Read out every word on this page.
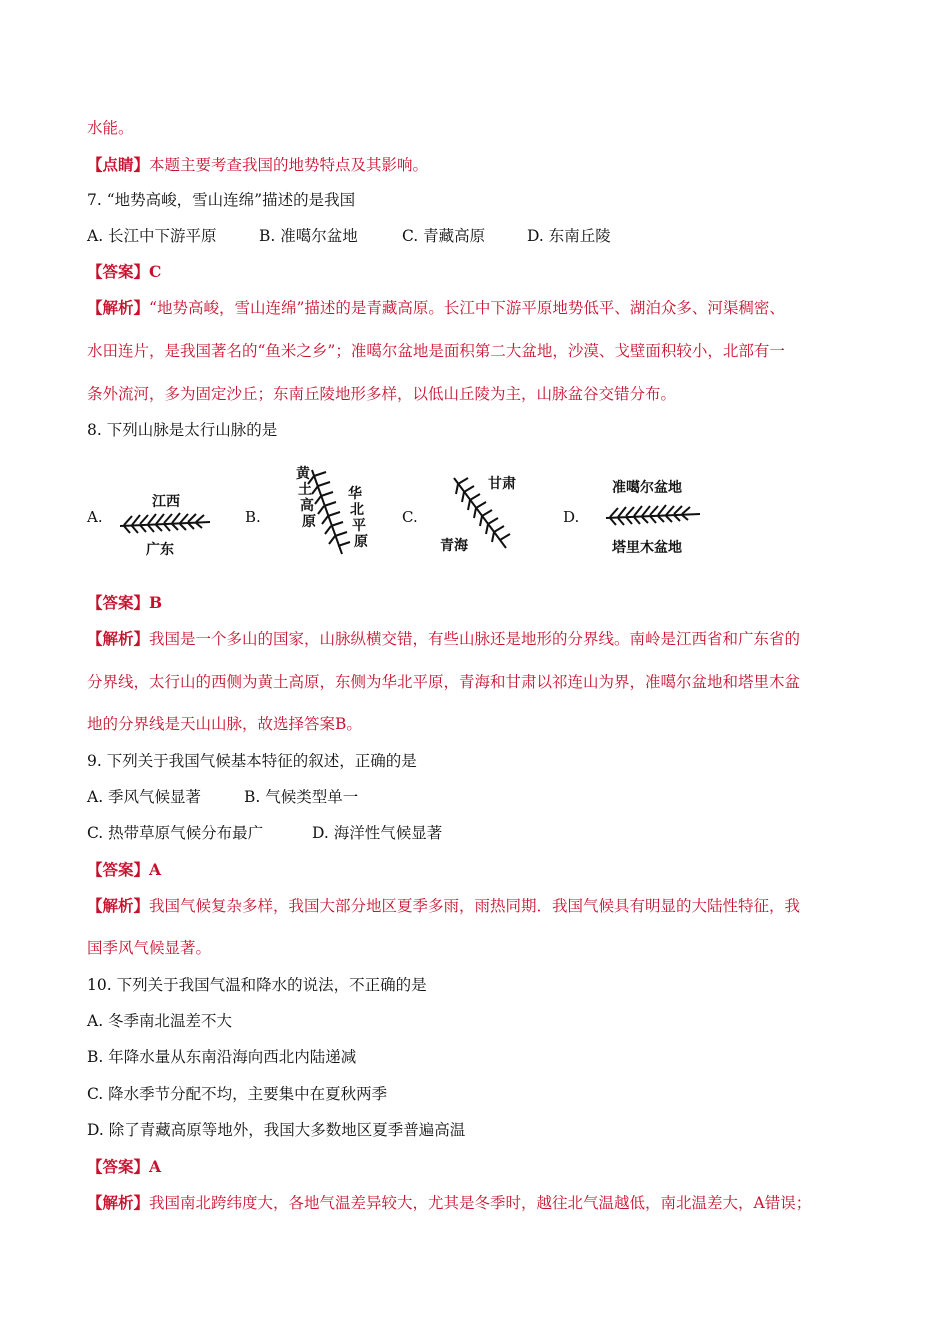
水能。
【点睛】本题主要考查我国的地势特点及其影响。
7. “地势高峻，雪山连绵”描述的是我国
A. 长江中下游平原	B. 准噶尔盆地	C. 青藏高原	D. 东南丘陵
【答案】C
【解析】“地势高峻，雪山连绵”描述的是青藏高原。长江中下游平原地势低平、湖泊众多、河渠稠密、
水田连片，是我国著名的“鱼米之乡”；准噶尔盆地是面积第二大盆地，沙漠、戈壁面积较小，北部有一
条外流河，多为固定沙丘；东南丘陵地形多样，以低山丘陵为主，山脉盆谷交错分布。
8. 下列山脉是太行山脉的是
A.	B.	C.	D.
江西
广东
黄土高原
华北平原
甘肃
青海
准噶尔盆地
塔里木盆地
【答案】B
【解析】我国是一个多山的国家，山脉纵横交错，有些山脉还是地形的分界线。南岭是江西省和广东省的
分界线，太行山的西侧为黄土高原，东侧为华北平原，青海和甘肃以祁连山为界，准噶尔盆地和塔里木盆
地的分界线是天山山脉，故选择答案B。
9. 下列关于我国气候基本特征的叙述，正确的是
A. 季风气候显著	B. 气候类型单一
C. 热带草原气候分布最广	D. 海洋性气候显著
【答案】A
【解析】我国气候复杂多样，我国大部分地区夏季多雨，雨热同期．我国气候具有明显的大陆性特征，我
国季风气候显著。
10. 下列关于我国气温和降水的说法，不正确的是
A. 冬季南北温差不大
B. 年降水量从东南沿海向西北内陆递减
C. 降水季节分配不均，主要集中在夏秋两季
D. 除了青藏高原等地外，我国大多数地区夏季普遍高温
【答案】A
【解析】我国南北跨纬度大，各地气温差异较大，尤其是冬季时，越往北气温越低，南北温差大，A错误；
